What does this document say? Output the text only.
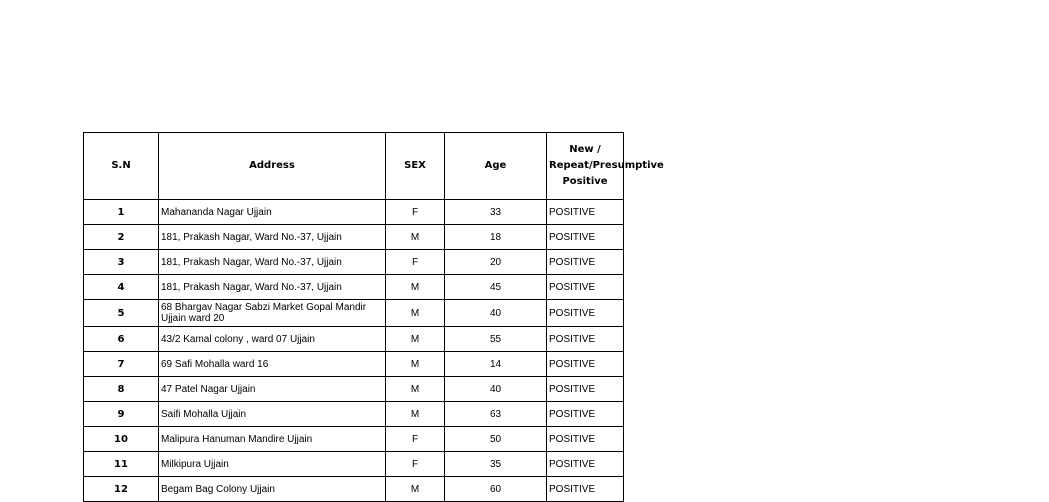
S.N	Address	SEX	Age	New / Repeat/Presumptive Positive
1	Mahananda Nagar Ujjain	F	33	POSITIVE
2	181, Prakash Nagar, Ward No.-37, Ujjain	M	18	POSITIVE
3	181, Prakash Nagar, Ward No.-37, Ujjain	F	20	POSITIVE
4	181, Prakash Nagar, Ward No.-37, Ujjain	M	45	POSITIVE
5	68 Bhargav Nagar Sabzi Market Gopal Mandir Ujjain ward 20	M	40	POSITIVE
6	43/2 Kamal colony , ward 07 Ujjain	M	55	POSITIVE
7	69 Safi Mohalla ward 16	M	14	POSITIVE
8	47 Patel Nagar Ujjain	M	40	POSITIVE
9	Saifi Mohalla Ujjain	M	63	POSITIVE
10	Malipura Hanuman Mandire Ujjain	F	50	POSITIVE
11	Milkipura Ujjain	F	35	POSITIVE
12	Begam Bag Colony Ujjain	M	60	POSITIVE
